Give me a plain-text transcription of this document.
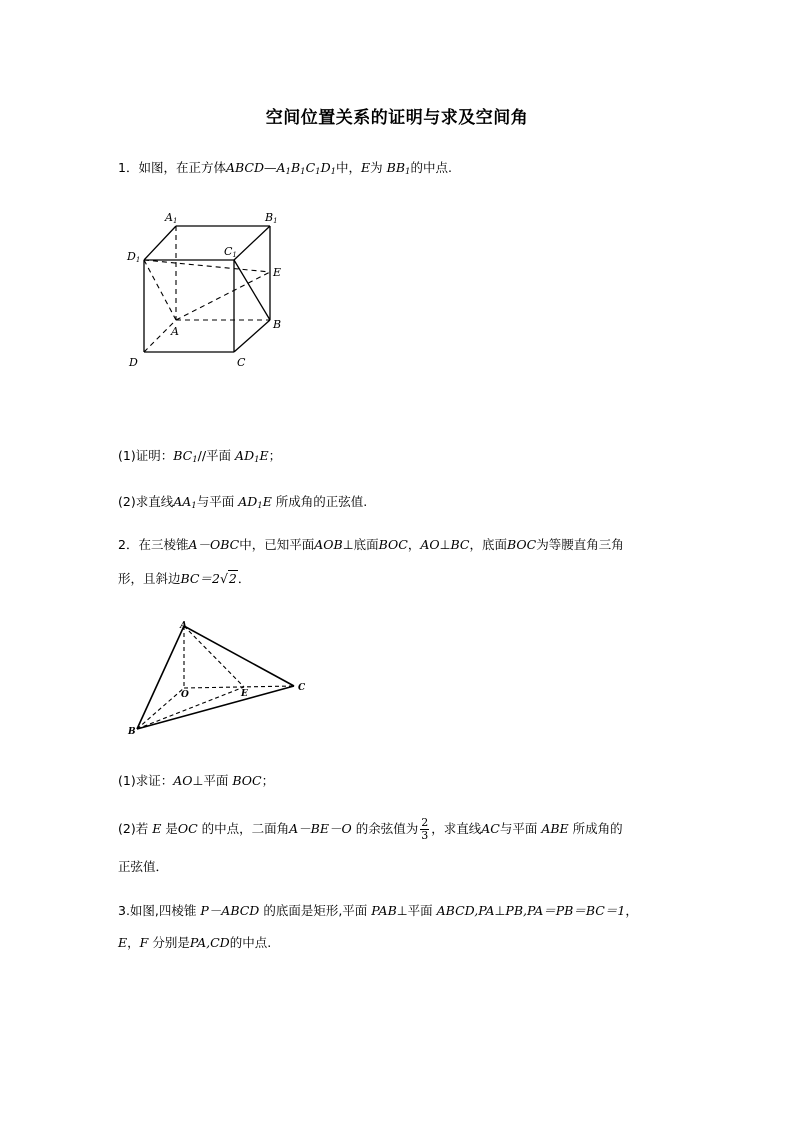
空间位置关系的证明与求及空间角
1．如图，在正方体$ABCD—A_1B_1C_1D_1$中，E为 $BB_1$的中点.
A1	B1
C1
D1
E
A
B
C
D
A
O	E
C
B
(1)证明：$BC_1//$平面 $AD_1E$；
(2)求直线$AA_1$与平面 $AD_1E$ 所成角的正弦值.
2．在三棱锥A－OBC中，已知平面AOB⊥底面BOC，AO⊥BC，底面BOC为等腰直角三角
形，且斜边BC＝2√2．
(1)求证：AO⊥平面 BOC；
(2)若 E 是OC 的中点，二面角A－BE－O 的余弦值为 $\frac{2}{3}$ ，求直线AC与平面 ABE 所成角的
正弦值．
3.如图,四棱锥 P－ABCD 的底面是矩形,平面 PAB⊥平面 ABCD,PA⊥PB,PA＝PB＝BC＝1，
E，F 分别是PA,CD的中点.
